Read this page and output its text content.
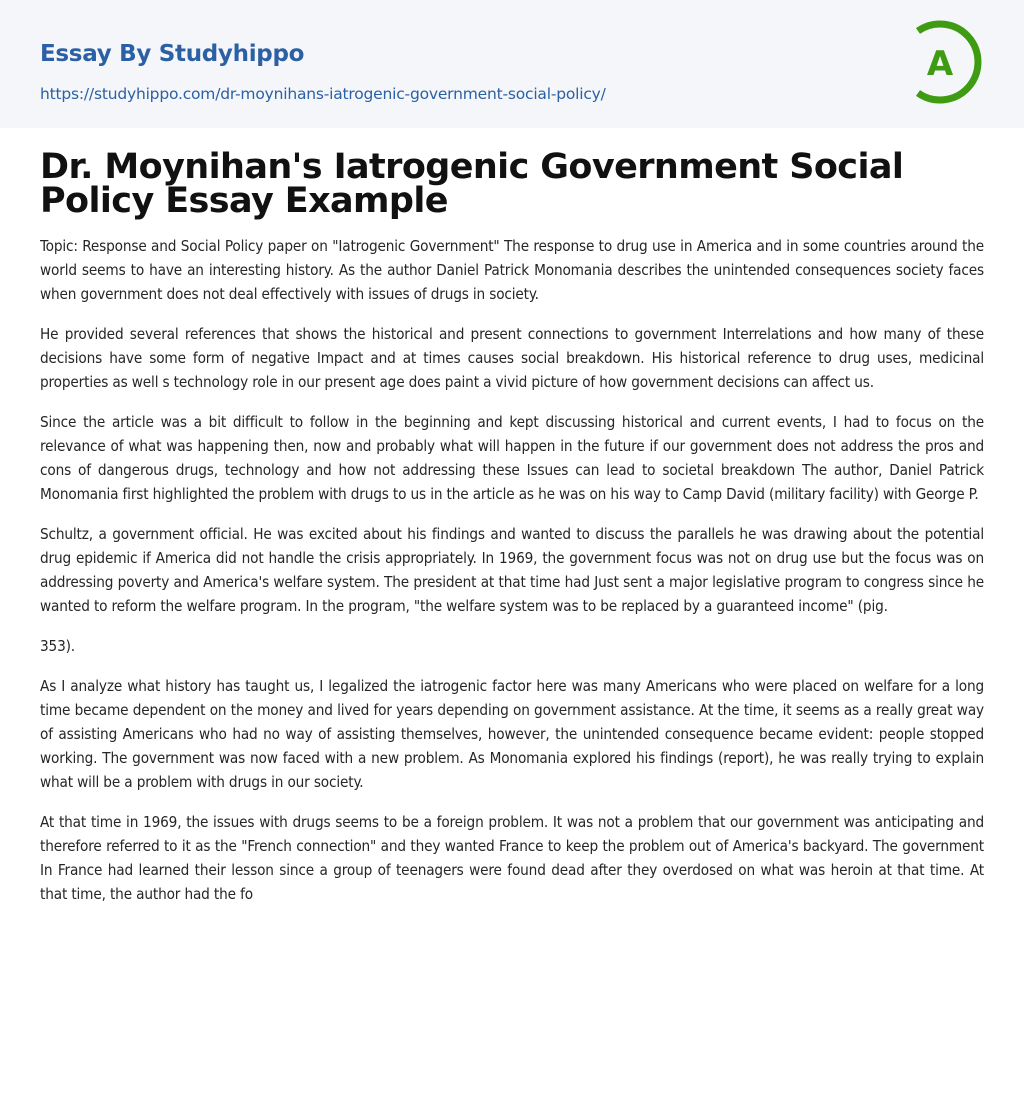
Essay By Studyhippo
https://studyhippo.com/dr-moynihans-iatrogenic-government-social-policy/
A
Dr. Moynihan's Iatrogenic Government Social Policy Essay Example

Topic: Response and Social Policy paper on "Iatrogenic Government" The response to drug use in America and in some countries around the world seems to have an interesting history. As the author Daniel Patrick Monomania describes the unintended consequences society faces when government does not deal effectively with issues of drugs in society.

He provided several references that shows the historical and present connections to government Interrelations and how many of these decisions have some form of negative Impact and at times causes social breakdown. His historical reference to drug uses, medicinal properties as well s technology role in our present age does paint a vivid picture of how government decisions can affect us.

Since the article was a bit difficult to follow in the beginning and kept discussing historical and current events, I had to focus on the relevance of what was happening then, now and probably what will happen in the future if our government does not address the pros and cons of dangerous drugs, technology and how not addressing these Issues can lead to societal breakdown The author, Daniel Patrick Monomania first highlighted the problem with drugs to us in the article as he was on his way to Camp David (military facility) with George P.

Schultz, a government official. He was excited about his findings and wanted to discuss the parallels he was drawing about the potential drug epidemic if America did not handle the crisis appropriately. In 1969, the government focus was not on drug use but the focus was on addressing poverty and America's welfare system. The president at that time had Just sent a major legislative program to congress since he wanted to reform the welfare program. In the program, "the welfare system was to be replaced by a guaranteed income" (pig.

353).

As I analyze what history has taught us, I legalized the iatrogenic factor here was many Americans who were placed on welfare for a long time became dependent on the money and lived for years depending on government assistance. At the time, it seems as a really great way of assisting Americans who had no way of assisting themselves, however, the unintended consequence became evident: people stopped working. The government was now faced with a new problem. As Monomania explored his findings (report), he was really trying to explain what will be a problem with drugs in our society.

At that time in 1969, the issues with drugs seems to be a foreign problem. It was not a problem that our government was anticipating and therefore referred to it as the "French connection" and they wanted France to keep the problem out of America's backyard. The government In France had learned their lesson since a group of teenagers were found dead after they overdosed on what was heroin at that time. At that time, the author had the fo
